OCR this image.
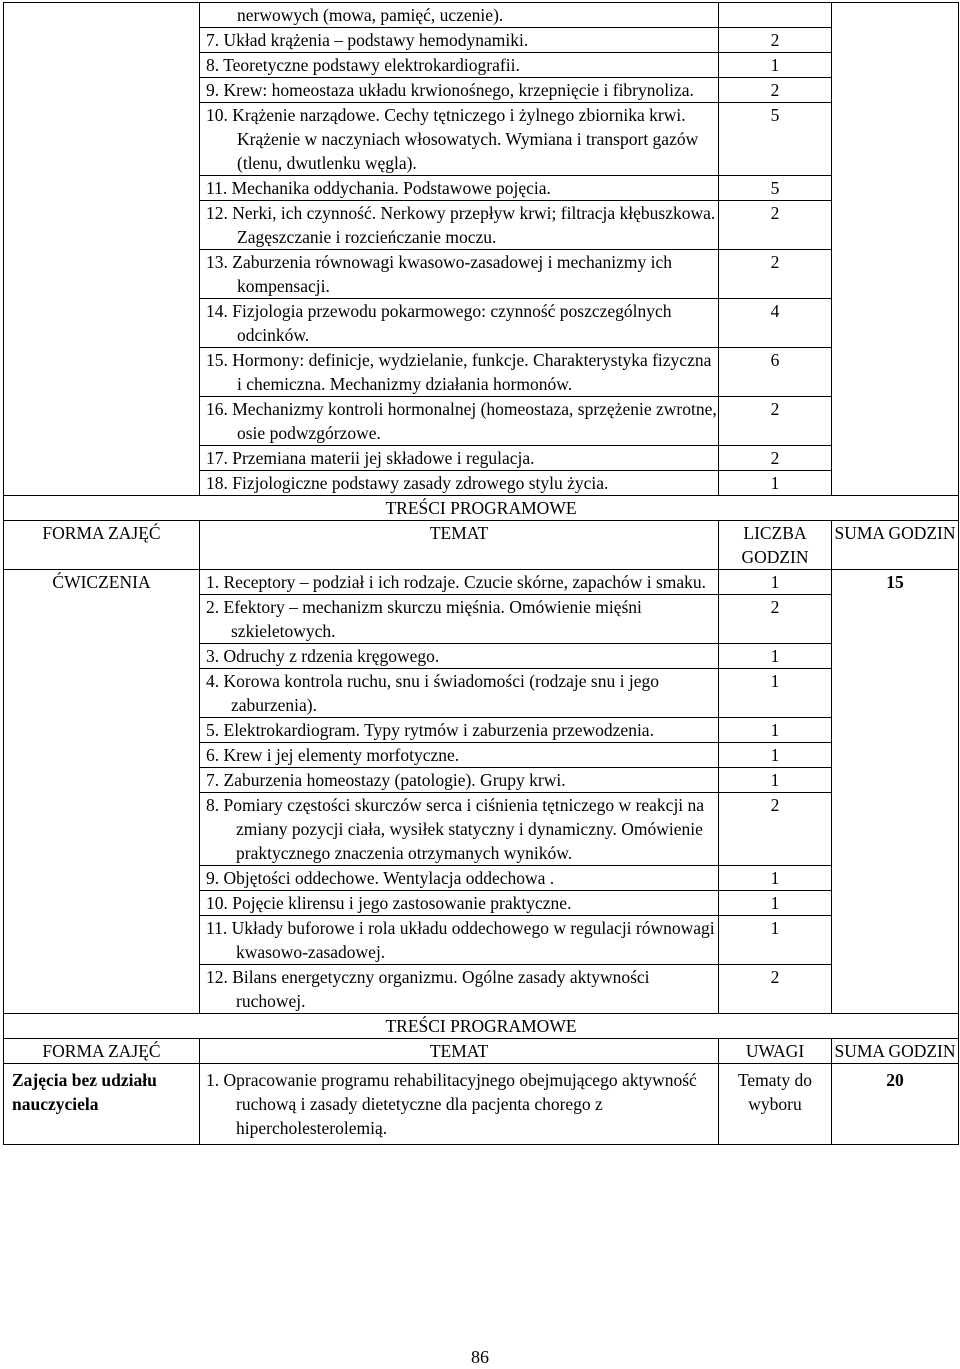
	nerwowych (mowa, pamięć, uczenie).		

	7. Układ krążenia – podstawy hemodynamiki.	2	

	8. Teoretyczne podstawy elektrokardiografii.	1	

	9. Krew: homeostaza układu krwionośnego, krzepnięcie i fibrynoliza.	2	

	10. Krążenie narządowe. Cechy tętniczego i żylnego zbiornika krwi. Krążenie w naczyniach włosowatych. Wymiana i transport gazów (tlenu, dwutlenku węgla).	5	

	11. Mechanika oddychania. Podstawowe pojęcia.	5	

	12. Nerki, ich czynność. Nerkowy przepływ krwi; filtracja kłębuszkowa. Zagęszczanie i rozcieńczanie moczu.	2	

	13. Zaburzenia równowagi kwasowo-zasadowej i mechanizmy ich kompensacji.	2	

	14. Fizjologia przewodu pokarmowego: czynność poszczególnych odcinków.	4	

	15. Hormony: definicje, wydzielanie, funkcje. Charakterystyka fizyczna i chemiczna. Mechanizmy działania hormonów.	6	

	16. Mechanizmy kontroli hormonalnej (homeostaza, sprzężenie zwrotne, osie podwzgórzowe.	2	

	17. Przemiana materii jej składowe i regulacja.	2	

	18. Fizjologiczne podstawy zasady zdrowego stylu życia.	1	
TREŚCI PROGRAMOWE			
FORMA ZAJĘĆ	TEMAT	LICZBA GODZIN	SUMA GODZIN
ĆWICZENIA	1. Receptory – podział i ich rodzaje. Czucie skórne, zapachów i smaku.	1	15

	2. Efektory – mechanizm skurczu mięśnia. Omówienie mięśni szkieletowych.	2	

	3. Odruchy z rdzenia kręgowego.	1	

	4. Korowa kontrola ruchu, snu i świadomości (rodzaje snu i jego zaburzenia).	1	

	5. Elektrokardiogram. Typy rytmów i zaburzenia przewodzenia.	1	

	6. Krew i jej elementy morfotyczne.	1	

	7. Zaburzenia homeostazy (patologie). Grupy krwi.	1	

	8. Pomiary częstości skurczów serca i ciśnienia tętniczego w reakcji na zmiany pozycji ciała, wysiłek statyczny i dynamiczny. Omówienie praktycznego znaczenia otrzymanych wyników.	2	

	9. Objętości oddechowe. Wentylacja oddechowa .	1	

	10. Pojęcie klirensu i jego zastosowanie praktyczne.	1	

	11. Układy buforowe i rola układu oddechowego w regulacji równowagi kwasowo-zasadowej.	1	

	12. Bilans energetyczny organizmu. Ogólne zasady aktywności ruchowej.	2	
TREŚCI PROGRAMOWE			
FORMA ZAJĘĆ	TEMAT	UWAGI	SUMA GODZIN
Zajęcia bez udziału nauczyciela	1. Opracowanie programu rehabilitacyjnego obejmującego aktywność ruchową i zasady dietetyczne dla pacjenta chorego z hipercholesterolemią.	Tematy do wyboru	20
86
